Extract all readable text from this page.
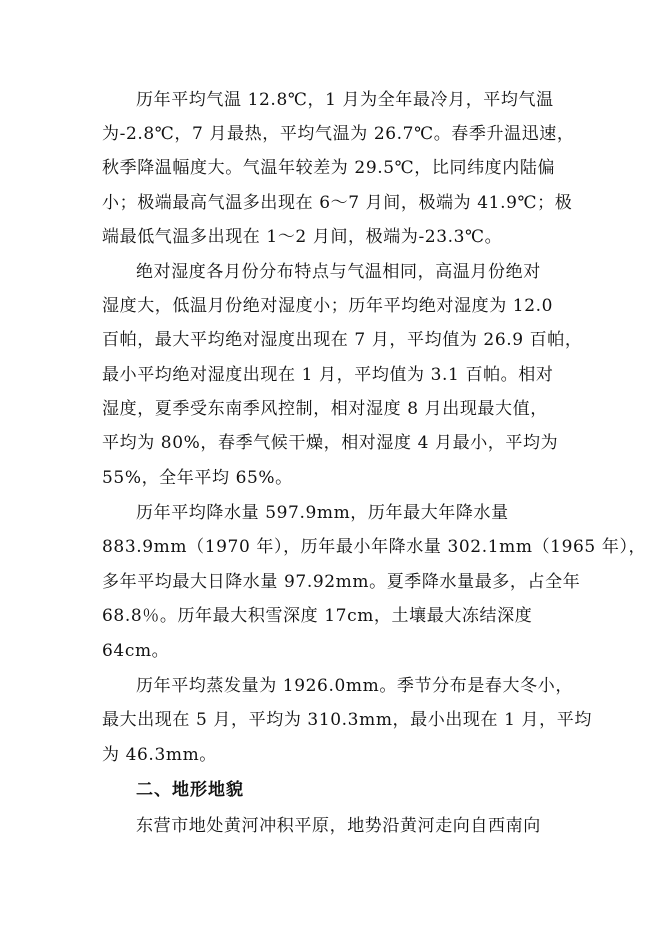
历年平均气温 12.8℃，1 月为全年最冷月，平均气温
为-2.8℃，7 月最热，平均气温为 26.7℃。春季升温迅速，
秋季降温幅度大。气温年较差为 29.5℃，比同纬度内陆偏
小；极端最高气温多出现在 6～7 月间，极端为 41.9℃；极
端最低气温多出现在 1～2 月间，极端为-23.3℃。
绝对湿度各月份分布特点与气温相同，高温月份绝对
湿度大，低温月份绝对湿度小；历年平均绝对湿度为 12.0
百帕，最大平均绝对湿度出现在 7 月，平均值为 26.9 百帕，
最小平均绝对湿度出现在 1 月，平均值为 3.1 百帕。相对
湿度，夏季受东南季风控制，相对湿度 8 月出现最大值，
平均为 80%，春季气候干燥，相对湿度 4 月最小，平均为
55%，全年平均 65%。
历年平均降水量 597.9mm，历年最大年降水量
883.9mm（1970 年），历年最小年降水量 302.1mm（1965 年），
多年平均最大日降水量 97.92mm。夏季降水量最多，占全年
68.8％。历年最大积雪深度 17cm，土壤最大冻结深度
64cm。
历年平均蒸发量为 1926.0mm。季节分布是春大冬小，
最大出现在 5 月，平均为 310.3mm，最小出现在 1 月，平均
为 46.3mm。
二、地形地貌
东营市地处黄河冲积平原，地势沿黄河走向自西南向
